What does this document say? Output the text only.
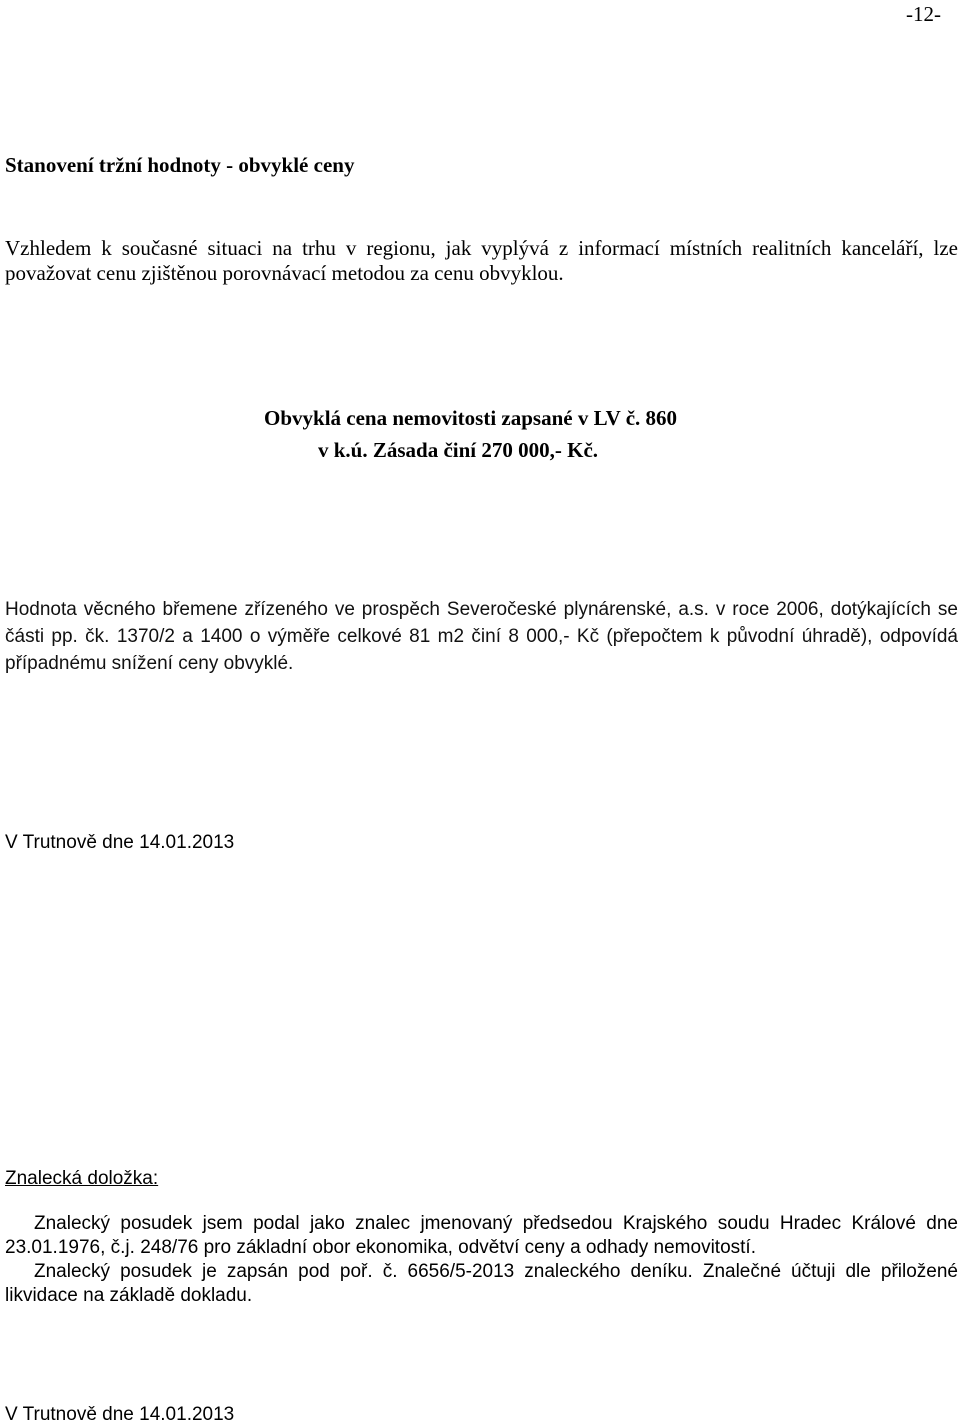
-12-
Stanovení tržní hodnoty - obvyklé ceny
Vzhledem k současné situaci na trhu v regionu, jak vyplývá z informací místních realitních kanceláří, lze považovat cenu zjištěnou porovnávací metodou za cenu obvyklou.
Obvyklá cena nemovitosti zapsané v LV č. 860
v k.ú. Zásada činí 270 000,- Kč.
Hodnota věcného břemene zřízeného ve prospěch Severočeské plynárenské, a.s. v roce 2006, dotýkajících se části pp. čk. 1370/2 a 1400 o výměře celkové 81 m2 činí 8 000,- Kč (přepočtem k původní úhradě), odpovídá případnému snížení ceny obvyklé.
V Trutnově dne 14.01.2013
Znalecká doložka:
Znalecký posudek jsem podal jako znalec jmenovaný předsedou Krajského soudu Hradec Králové dne 23.01.1976, č.j. 248/76 pro základní obor ekonomika, odvětví ceny a odhady nemovitostí.
Znalecký posudek je zapsán pod poř. č. 6656/5-2013 znaleckého deníku. Znalečné účtuji dle přiložené likvidace na základě dokladu.
V Trutnově dne 14.01.2013
